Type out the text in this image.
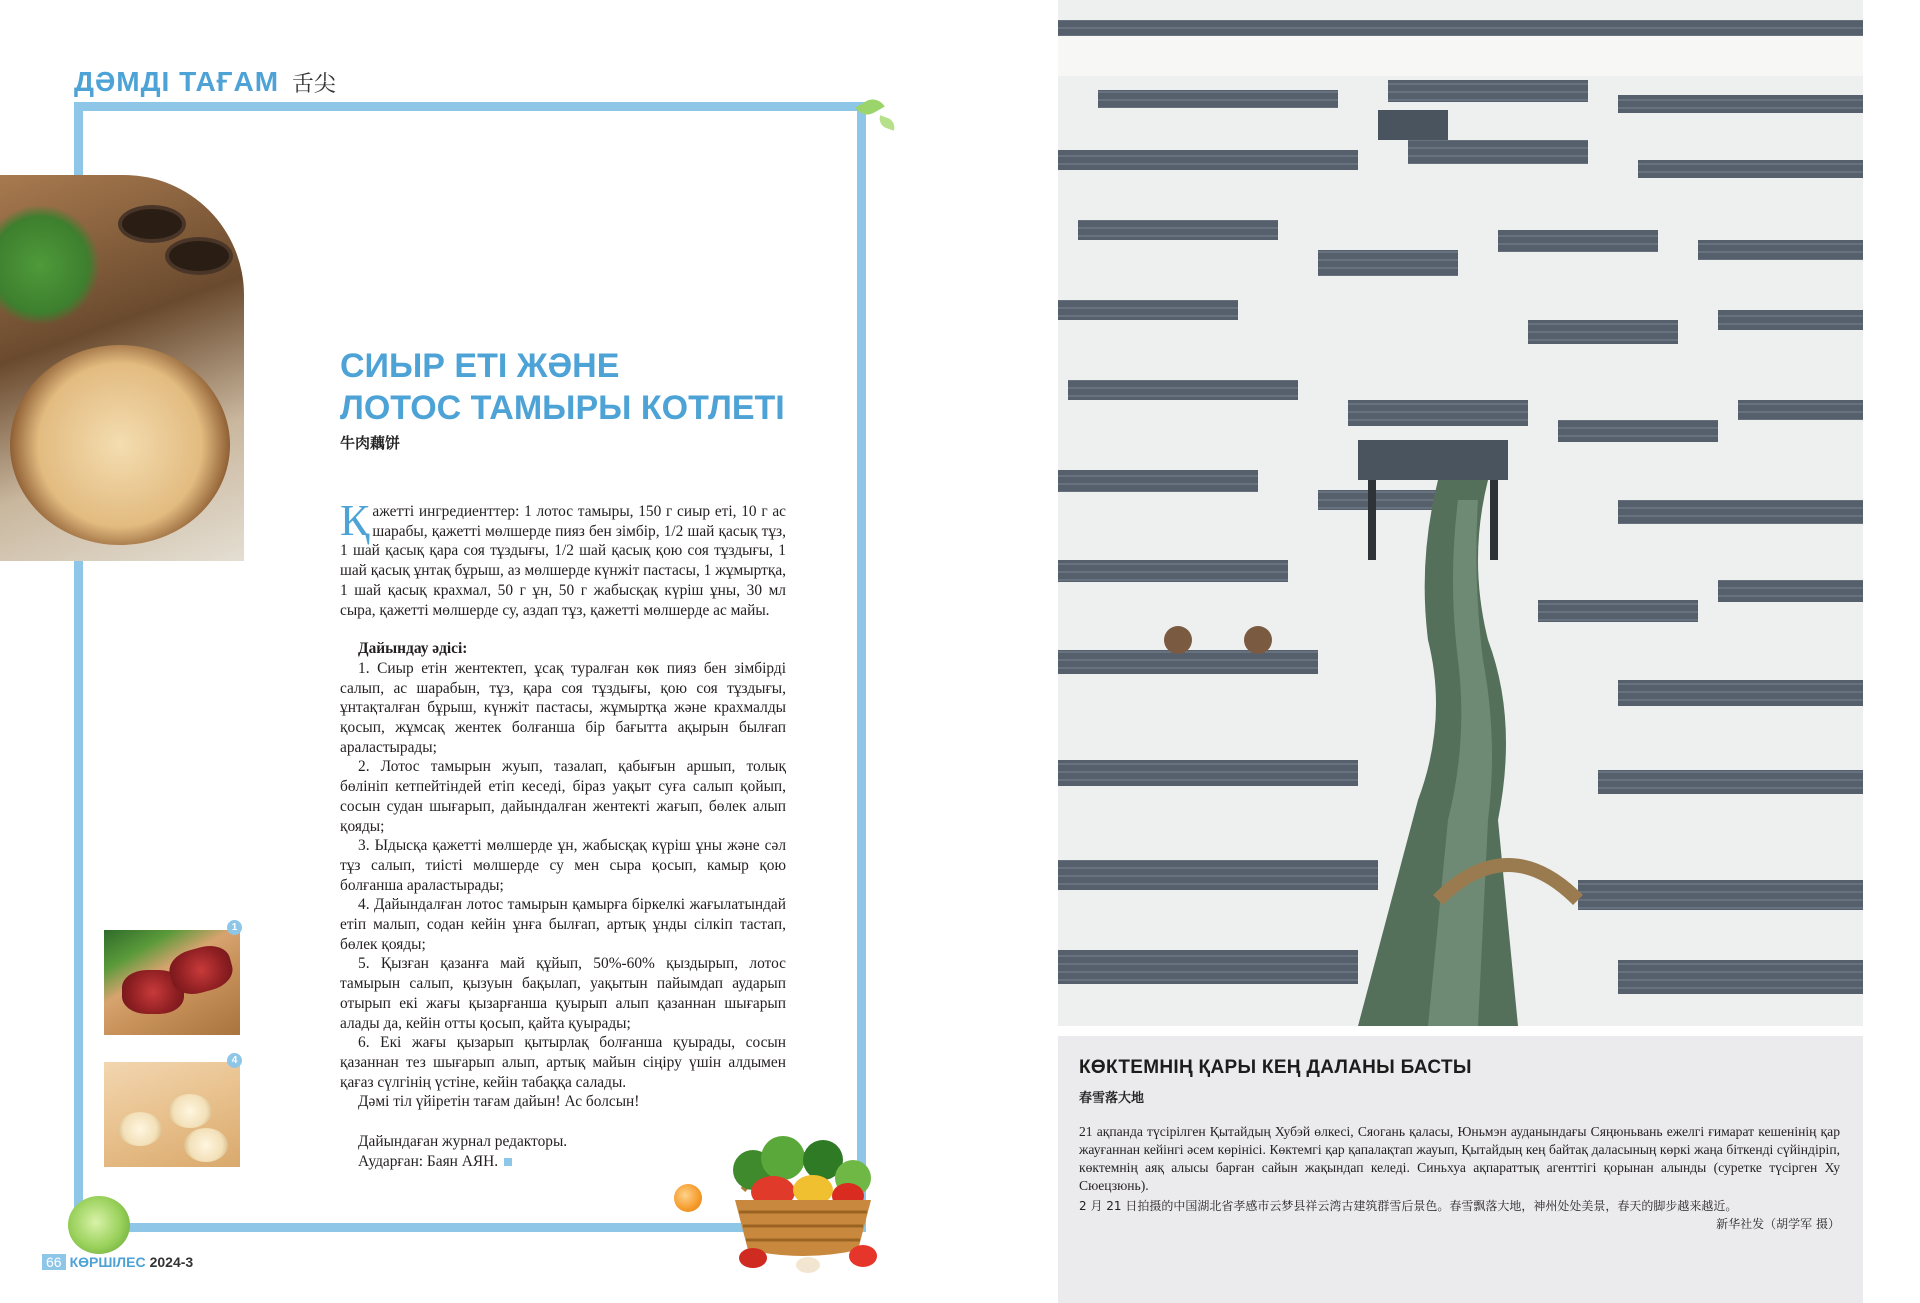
ДӘМДІ ТАҒАМ 舌尖
СИЫР ЕТІ ЖӘНЕ
ЛОТОС ТАМЫРЫ КОТЛЕТІ
牛肉藕饼

Қажетті ингредиенттер: 1 лотос тамыры, 150 г сиыр еті, 10 г ас шарабы, қажетті мөлшерде пияз бен зімбір, 1/2 шай қасық тұз, 1 шай қасық қара соя тұздығы, 1/2 шай қасық қою соя тұздығы, 1 шай қасық ұнтақ бұрыш, аз мөлшерде күнжіт пастасы, 1 жұмыртқа, 1 шай қасық крахмал, 50 г ұн, 50 г жабысқақ күріш ұны, 30 мл сыра, қажетті мөлшерде су, аздап тұз, қажетті мөлшерде ас майы.

Дайындау әдісі:

1. Сиыр етін жентектеп, ұсақ туралған көк пияз бен зімбірді салып, ас шарабын, тұз, қара соя тұздығы, қою соя тұздығы, ұнтақталған бұрыш, күнжіт пастасы, жұмыртқа және крахмалды қосып, жұмсақ жентек болғанша бір бағытта ақырын былғап араластырады;

2. Лотос тамырын жуып, тазалап, қабығын аршып, толық бөлініп кетпейтіндей етіп кеседі, біраз уақыт суға салып қойып, сосын судан шығарып, дайындалған жентекті жағып, бөлек алып қояды;

3. Ыдысқа қажетті мөлшерде ұн, жабысқақ күріш ұны және сәл тұз салып, тиісті мөлшерде су мен сыра қосып, камыр қою болғанша араластырады;

4. Дайындалған лотос тамырын қамырға біркелкі жағылатындай етіп малып, содан кейін ұнға былғап, артық ұнды сілкіп тастап, бөлек қояды;

5. Қызған қазанға май құйып, 50%-60% қыздырып, лотос тамырын салып, қызуын бақылап, уақытын пайымдап аударып отырып екі жағы қызарғанша қуырып алып қазаннан шығарып алады да, кейін отты қосып, қайта қуырады;

6. Екі жағы қызарып қытырлақ болғанша қуырады, сосын қазаннан тез шығарып алып, артық майын сіңіру үшін алдымен қағаз сүлгінің үстіне, кейін табаққа салады.

Дәмі тіл үйіретін тағам дайын! Ас болсын!

Дайындаған журнал редакторы.

Аударған: Баян АЯН.

1
4
66 КӨРШІЛЕС 2024-3
КӨКТЕМНІҢ ҚАРЫ КЕҢ ДАЛАНЫ БАСТЫ
春雪落大地
21 ақпанда түсірілген Қытайдың Хубэй өлкесі, Сяогань қаласы, Юньмэн ауданындағы Сяңюньвань ежелгі ғимарат кешенінің қар жауғаннан кейінгі әсем көрінісі. Көктемгі қар қапалақтап жауып, Қытайдың кең байтақ даласының көркі жаңа біткенді сүйіндіріп, көктемнің аяқ алысы барған сайын жақындап келеді. Синьхуа ақпараттық агенттігі қорынан алынды (суретке түсірген Ху Сюецзюнь).
2 月 21 日拍摄的中国湖北省孝感市云梦县祥云湾古建筑群雪后景色。春雪飘落大地，神州处处美景，春天的脚步越来越近。
新华社发（胡学军 摄）
